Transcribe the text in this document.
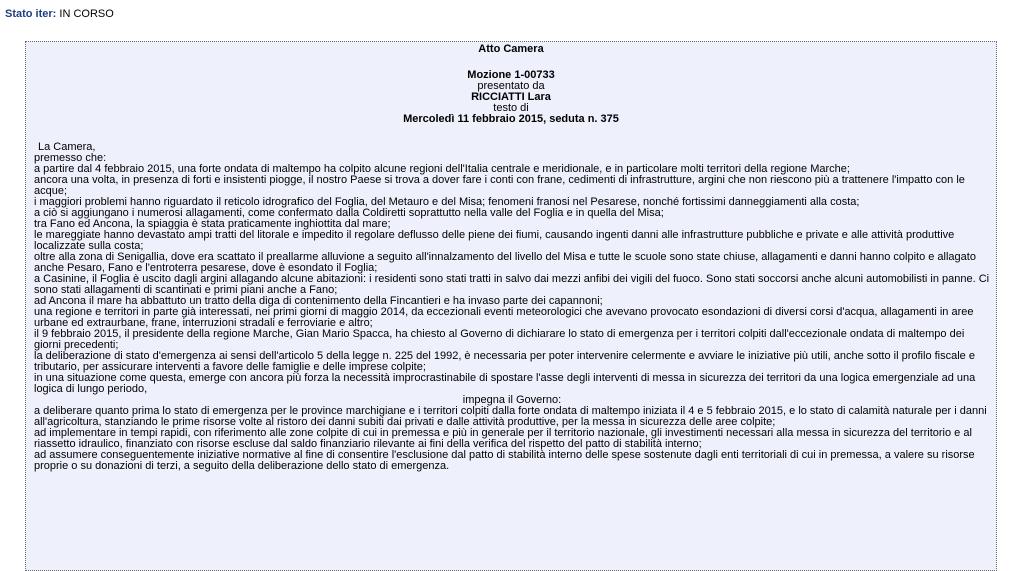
Stato iter: IN CORSO
Atto Camera
Mozione 1-00733
presentato da
RICCIATTI Lara
testo di
Mercoledì 11 febbraio 2015, seduta n. 375

La Camera,

premesso che:

a partire dal 4 febbraio 2015, una forte ondata di maltempo ha colpito alcune regioni dell'Italia centrale e meridionale, e in particolare molti territori della regione Marche;

ancora una volta, in presenza di forti e insistenti piogge, il nostro Paese si trova a dover fare i conti con frane, cedimenti di infrastrutture, argini che non riescono più a trattenere l'impatto con le acque;

i maggiori problemi hanno riguardato il reticolo idrografico del Foglia, del Metauro e del Misa; fenomeni franosi nel Pesarese, nonché fortissimi danneggiamenti alla costa;

a ciò si aggiungano i numerosi allagamenti, come confermato dalla Coldiretti soprattutto nella valle del Foglia e in quella del Misa;

tra Fano ed Ancona, la spiaggia è stata praticamente inghiottita dal mare;

le mareggiate hanno devastato ampi tratti del litorale e impedito il regolare deflusso delle piene dei fiumi, causando ingenti danni alle infrastrutture pubbliche e private e alle attività produttive localizzate sulla costa;

oltre alla zona di Senigallia, dove era scattato il preallarme alluvione a seguito all'innalzamento del livello del Misa e tutte le scuole sono state chiuse, allagamenti e danni hanno colpito e allagato anche Pesaro, Fano e l'entroterra pesarese, dove è esondato il Foglia;

a Casinine, il Foglia è uscito dagli argini allagando alcune abitazioni: i residenti sono stati tratti in salvo dai mezzi anfibi dei vigili del fuoco. Sono stati soccorsi anche alcuni automobilisti in panne. Ci sono stati allagamenti di scantinati e primi piani anche a Fano;

ad Ancona il mare ha abbattuto un tratto della diga di contenimento della Fincantieri e ha invaso parte dei capannoni;

una regione e territori in parte già interessati, nei primi giorni di maggio 2014, da eccezionali eventi meteorologici che avevano provocato esondazioni di diversi corsi d'acqua, allagamenti in aree urbane ed extraurbane, frane, interruzioni stradali e ferroviarie e altro;

il 9 febbraio 2015, il presidente della regione Marche, Gian Mario Spacca, ha chiesto al Governo di dichiarare lo stato di emergenza per i territori colpiti dall'eccezionale ondata di maltempo dei giorni precedenti;

la deliberazione di stato d'emergenza ai sensi dell'articolo 5 della legge n. 225 del 1992, è necessaria per poter intervenire celermente e avviare le iniziative più utili, anche sotto il profilo fiscale e tributario, per assicurare interventi a favore delle famiglie e delle imprese colpite;

in una situazione come questa, emerge con ancora più forza la necessità improcrastinabile di spostare l'asse degli interventi di messa in sicurezza dei territori da una logica emergenziale ad una logica di lungo periodo,

impegna il Governo:

a deliberare quanto prima lo stato di emergenza per le province marchigiane e i territori colpiti dalla forte ondata di maltempo iniziata il 4 e 5 febbraio 2015, e lo stato di calamità naturale per i danni all'agricoltura, stanziando le prime risorse volte al ristoro dei danni subiti dai privati e dalle attività produttive, per la messa in sicurezza delle aree colpite;

ad implementare in tempi rapidi, con riferimento alle zone colpite di cui in premessa e più in generale per il territorio nazionale, gli investimenti necessari alla messa in sicurezza del territorio e al riassetto idraulico, finanziato con risorse escluse dal saldo finanziario rilevante ai fini della verifica del rispetto del patto di stabilità interno;

ad assumere conseguentemente iniziative normative al fine di consentire l'esclusione dal patto di stabilità interno delle spese sostenute dagli enti territoriali di cui in premessa, a valere su risorse proprie o su donazioni di terzi, a seguito della deliberazione dello stato di emergenza.
